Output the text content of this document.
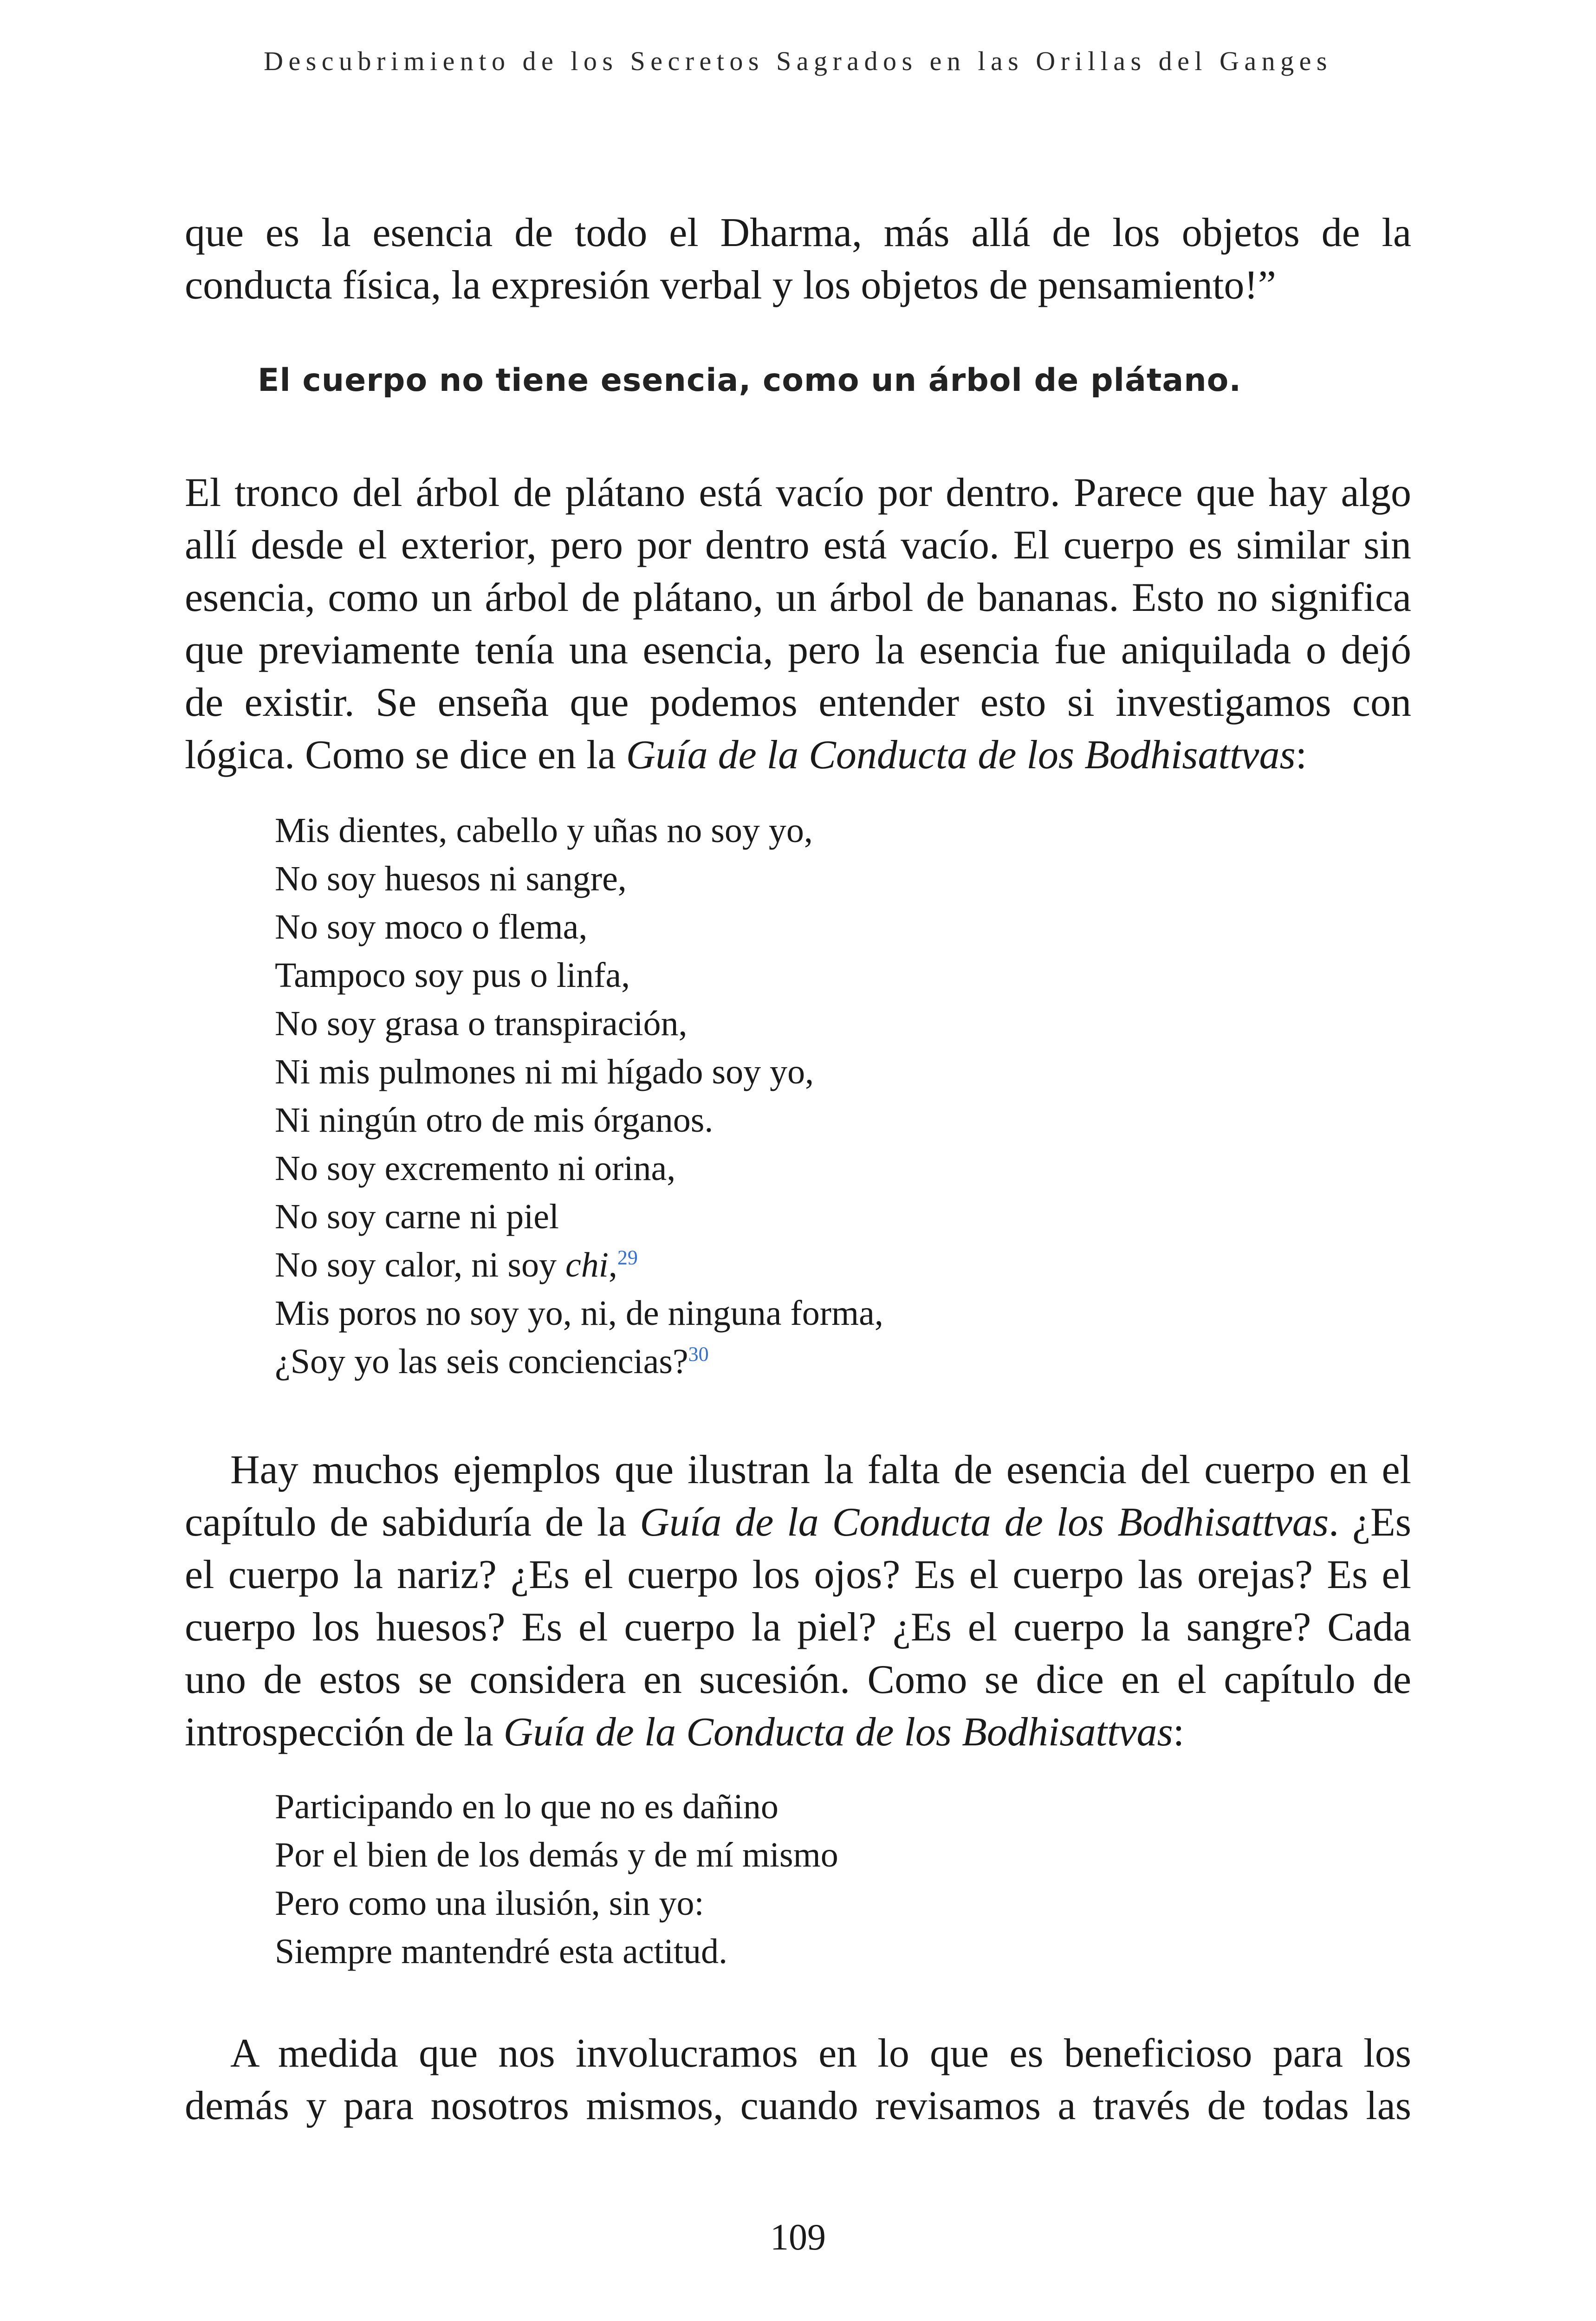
Descubrimiento de los Secretos Sagrados en las Orillas del Ganges
que es la esencia de todo el Dharma, más allá de los objetos de la
conducta física, la expresión verbal y los objetos de pensamiento!”
El cuerpo no tiene esencia, como un árbol de plátano.
El tronco del árbol de plátano está vacío por dentro. Parece que hay algo
allí desde el exterior, pero por dentro está vacío. El cuerpo es similar sin
esencia, como un árbol de plátano, un árbol de bananas. Esto no significa
que previamente tenía una esencia, pero la esencia fue aniquilada o dejó
de existir. Se enseña que podemos entender esto si investigamos con
lógica. Como se dice en la Guía de la Conducta de los Bodhisattvas:
Mis dientes, cabello y uñas no soy yo,
No soy huesos ni sangre,
No soy moco o flema,
Tampoco soy pus o linfa,
No soy grasa o transpiración,
Ni mis pulmones ni mi hígado soy yo,
Ni ningún otro de mis órganos.
No soy excremento ni orina,
No soy carne ni piel
No soy calor, ni soy chi,$^{29}$
Mis poros no soy yo, ni, de ninguna forma,
¿Soy yo las seis conciencias?$^{30}$
Hay muchos ejemplos que ilustran la falta de esencia del cuerpo en el
capítulo de sabiduría de la Guía de la Conducta de los Bodhisattvas. ¿Es
el cuerpo la nariz? ¿Es el cuerpo los ojos? Es el cuerpo las orejas? Es el
cuerpo los huesos? Es el cuerpo la piel? ¿Es el cuerpo la sangre? Cada
uno de estos se considera en sucesión. Como se dice en el capítulo de
introspección de la Guía de la Conducta de los Bodhisattvas:
Participando en lo que no es dañino
Por el bien de los demás y de mí mismo
Pero como una ilusión, sin yo:
Siempre mantendré esta actitud.
A medida que nos involucramos en lo que es beneficioso para los
demás y para nosotros mismos, cuando revisamos a través de todas las
109
